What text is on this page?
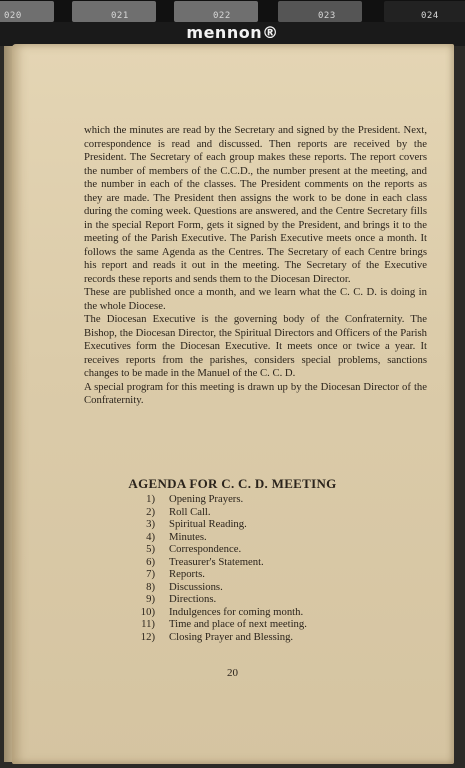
020	021	022	023	024
mennon®

which the minutes are read by the Secretary and signed by the President. Next, correspondence is read and discussed. Then reports are received by the President. The Secretary of each group makes these reports. The report covers the number of members of the C.C.D., the number present at the meeting, and the number in each of the classes. The President comments on the reports as they are made. The President then assigns the work to be done in each class during the coming week. Questions are answered, and the Centre Secretary fills in the special Report Form, gets it signed by the President, and brings it to the meeting of the Parish Executive. The Parish Executive meets once a month. It follows the same Agenda as the Centres. The Secretary of each Centre brings his report and reads it out in the meeting. The Secretary of the Executive records these reports and sends them to the Diocesan Director.

These are published once a month, and we learn what the C. C. D. is doing in the whole Diocese.

The Diocesan Executive is the governing body of the Confraternity. The Bishop, the Diocesan Director, the Spiritual Directors and Officers of the Parish Executives form the Diocesan Executive. It meets once or twice a year. It receives reports from the parishes, considers special problems, sanctions changes to be made in the Manuel of the C. C. D.

A special program for this meeting is drawn up by the Diocesan Director of the Confraternity.

AGENDA FOR C. C. D. MEETING
1) Opening Prayers.
2) Roll Call.
3) Spiritual Reading.
4) Minutes.
5) Correspondence.
6) Treasurer's Statement.
7) Reports.
8) Discussions.
9) Directions.
10) Indulgences for coming month.
11) Time and place of next meeting.
12) Closing Prayer and Blessing.
20
